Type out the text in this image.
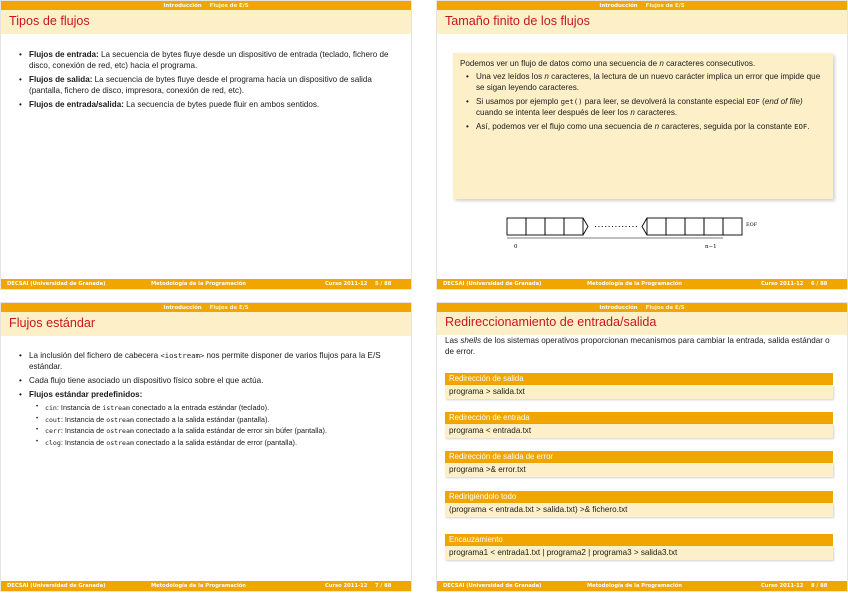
Introducción Flujos de E/S
Tipos de flujos
• Flujos de entrada: La secuencia de bytes fluye desde un dispositivo de entrada (teclado, fichero de disco, conexión de red, etc) hacia el programa.
• Flujos de salida: La secuencia de bytes fluye desde el programa hacia un dispositivo de salida (pantalla, fichero de disco, impresora, conexión de red, etc).
• Flujos de entrada/salida: La secuencia de bytes puede fluir en ambos sentidos.
DECSAI (Universidad de Granada)	Metodología de la Programación	Curso 2011-12 5 / 88
Introducción Flujos de E/S
Tamaño finito de los flujos
Podemos ver un flujo de datos como una secuencia de n caracteres consecutivos.
• Una vez leídos los n caracteres, la lectura de un nuevo carácter implica un error que impide que se sigan leyendo caracteres.
• Si usamos por ejemplo get() para leer, se devolverá la constante especial EOF (end of file) cuando se intenta leer después de leer los n caracteres.
• Así, podemos ver el flujo como una secuencia de n caracteres, seguida por la constante EOF.
0	n−1
EOF
DECSAI (Universidad de Granada)	Metodología de la Programación	Curso 2011-12 6 / 88
Introducción Flujos de E/S
Flujos estándar
• La inclusión del fichero de cabecera <iostream> nos permite disponer de varios flujos para la E/S estándar.
• Cada flujo tiene asociado un dispositivo físico sobre el que actúa.
• Flujos estándar predefinidos:
• cin: Instancia de istream conectado a la entrada estándar (teclado).
• cout: Instancia de ostream conectado a la salida estándar (pantalla).
• cerr: Instancia de ostream conectado a la salida estándar de error sin búfer (pantalla).
• clog: Instancia de ostream conectado a la salida estándar de error (pantalla).
DECSAI (Universidad de Granada)	Metodología de la Programación	Curso 2011-12 7 / 88
Introducción Flujos de E/S
Redireccionamiento de entrada/salida
Las shells de los sistemas operativos proporcionan mecanismos para cambiar la entrada, salida estándar o de error.
Redirección de salida
programa > salida.txt
Redirección de entrada
programa < entrada.txt
Redirección de salida de error
programa >& error.txt
Redirigiéndolo todo
(programa < entrada.txt > salida.txt) >& fichero.txt
Encauzamiento
programa1 < entrada1.txt | programa2 | programa3 > salida3.txt
DECSAI (Universidad de Granada)	Metodología de la Programación	Curso 2011-12 8 / 88
